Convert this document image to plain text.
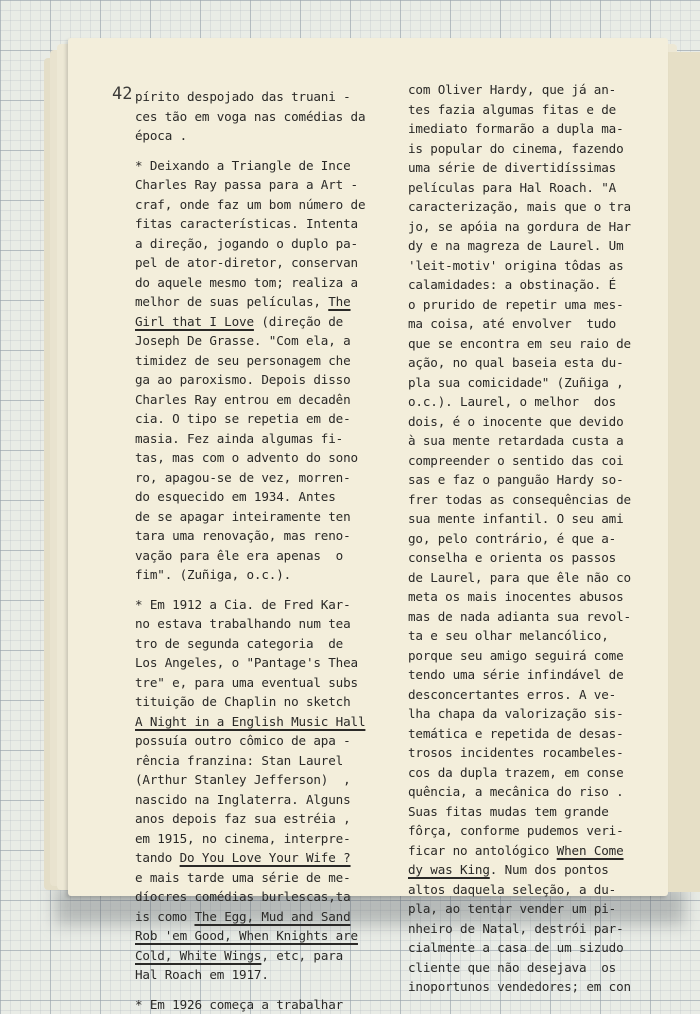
42 pírito despojado das truani -
ces tão em voga nas comédias da
época .
* Deixando a Triangle de Ince
Charles Ray passa para a Art -
craf, onde faz um bom número de
fitas características. Intenta
a direção, jogando o duplo pa-
pel de ator-diretor, conservan
do aquele mesmo tom; realiza a
melhor de suas películas, The
Girl that I Love (direção de
Joseph De Grasse. "Com ela, a
timidez de seu personagem che
ga ao paroxismo. Depois disso
Charles Ray entrou em decadên
cia. O tipo se repetia em de-
masia. Fez ainda algumas fi-
tas, mas com o advento do sono
ro, apagou-se de vez, morren-
do esquecido em 1934. Antes
de se apagar inteiramente ten
tara uma renovação, mas reno-
vação para êle era apenas  o
fim". (Zuñiga, o.c.).
* Em 1912 a Cia. de Fred Kar-
no estava trabalhando num tea
tro de segunda categoria  de
Los Angeles, o "Pantage's Thea
tre" e, para uma eventual subs
tituição de Chaplin no sketch
A Night in a English Music Hall
possuía outro cômico de apa -
rência franzina: Stan Laurel
(Arthur Stanley Jefferson)  ,
nascido na Inglaterra. Alguns
anos depois faz sua estréia ,
em 1915, no cinema, interpre-
tando Do You Love Your Wife ?
e mais tarde uma série de me-
díocres comédias burlescas,ta
is como The Egg, Mud and Sand
Rob 'em Good, When Knights are
Cold, White Wings, etc, para
Hal Roach em 1917.
* Em 1926 começa a trabalhar
com Oliver Hardy, que já an-
tes fazia algumas fitas e de
imediato formarão a dupla ma-
is popular do cinema, fazendo
uma série de divertidíssimas
películas para Hal Roach. "A
caracterização, mais que o tra
jo, se apóia na gordura de Har
dy e na magreza de Laurel. Um
'leit-motiv' origina tôdas as
calamidades: a obstinação. É
o prurido de repetir uma mes-
ma coisa, até envolver  tudo
que se encontra em seu raio de
ação, no qual baseia esta du-
pla sua comicidade" (Zuñiga ,
o.c.). Laurel, o melhor  dos
dois, é o inocente que devido
à sua mente retardada custa a
compreender o sentido das coi
sas e faz o panguão Hardy so-
frer todas as consequências de
sua mente infantil. O seu ami
go, pelo contrário, é que a-
conselha e orienta os passos
de Laurel, para que êle não co
meta os mais inocentes abusos
mas de nada adianta sua revol-
ta e seu olhar melancólico,
porque seu amigo seguirá come
tendo uma série infindável de
desconcertantes erros. A ve-
lha chapa da valorização sis-
temática e repetida de desas-
trosos incidentes rocambeles-
cos da dupla trazem, em conse
quência, a mecânica do riso .
Suas fitas mudas tem grande
fôrça, conforme pudemos veri-
ficar no antológico When Come
dy was King. Num dos pontos
altos daquela seleção, a du-
pla, ao tentar vender um pi-
nheiro de Natal, destrói par-
cialmente a casa de um sizudo
cliente que não desejava  os
inoportunos vendedores; em con
